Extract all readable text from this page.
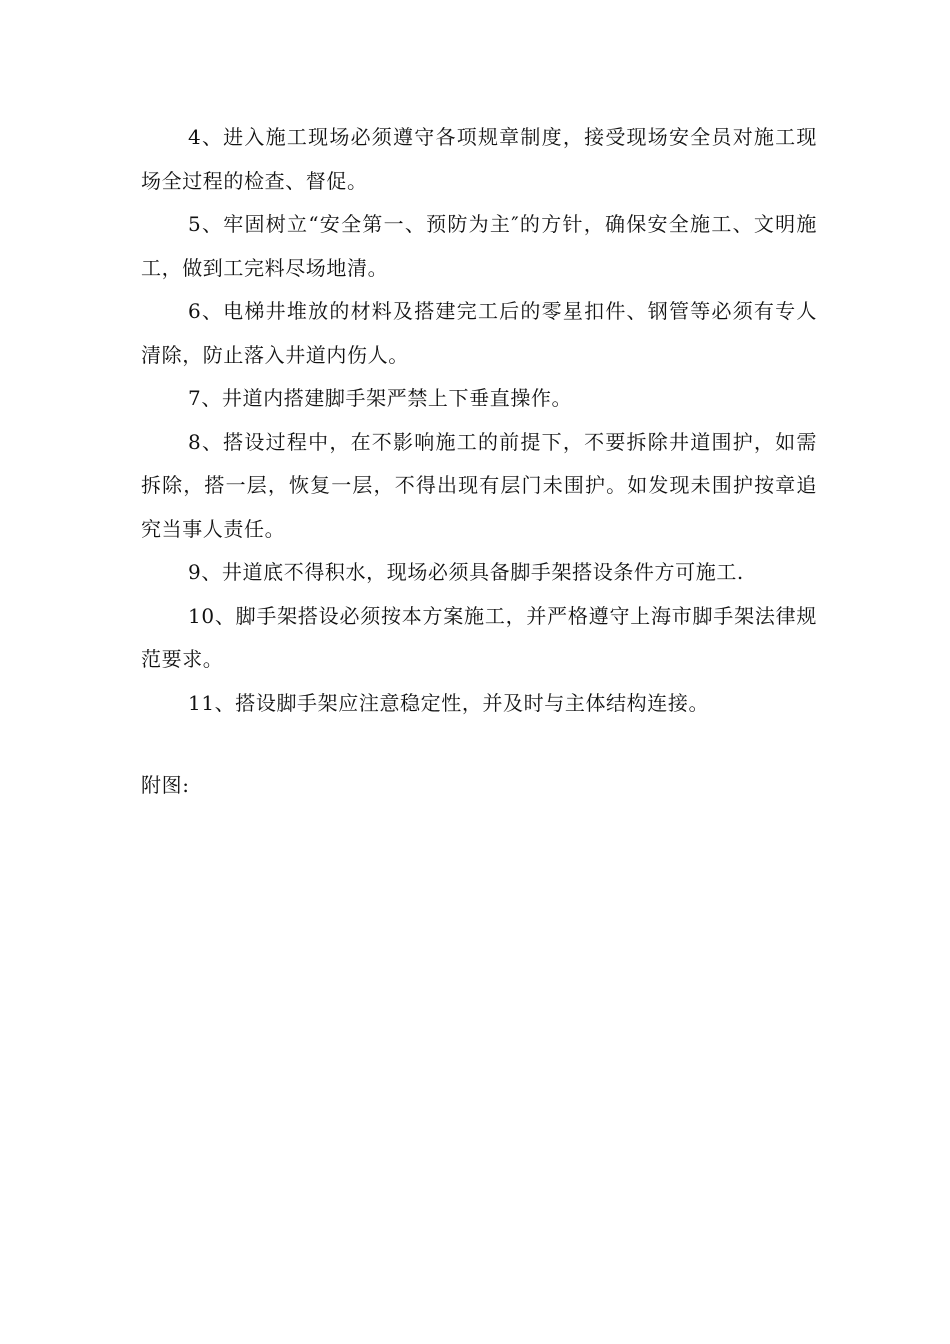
4、进入施工现场必须遵守各项规章制度，接受现场安全员对施工现场全过程的检查、督促。

5、牢固树立“安全第一、预防为主″的方针，确保安全施工、文明施工，做到工完料尽场地清。

6、电梯井堆放的材料及搭建完工后的零星扣件、钢管等必须有专人清除，防止落入井道内伤人。

7、井道内搭建脚手架严禁上下垂直操作。

8、搭设过程中，在不影响施工的前提下，不要拆除井道围护，如需拆除，搭一层，恢复一层，不得出现有层门未围护。如发现未围护按章追究当事人责任。

9、井道底不得积水，现场必须具备脚手架搭设条件方可施工.

10、脚手架搭设必须按本方案施工，并严格遵守上海市脚手架法律规范要求。

11、搭设脚手架应注意稳定性，并及时与主体结构连接。

附图:
